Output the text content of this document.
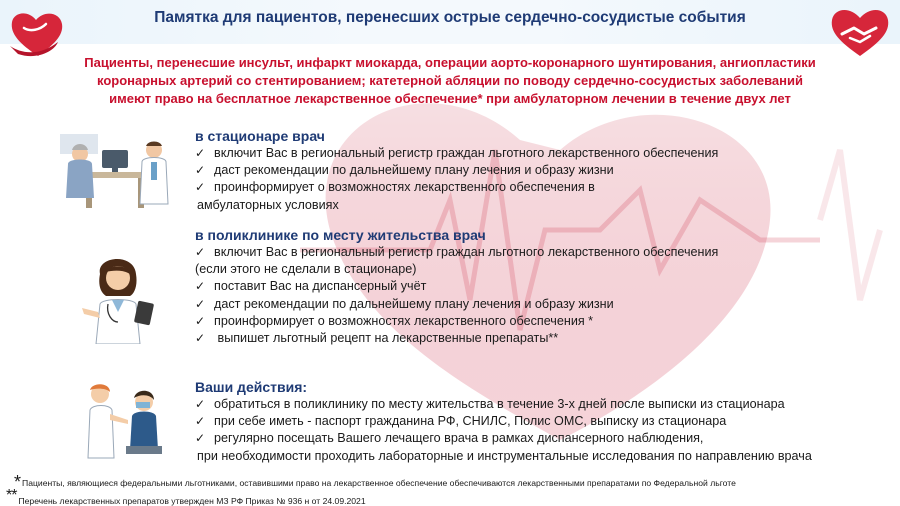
Памятка для пациентов, перенесших острые сердечно-сосудистые события

Пациенты, перенесшие инсульт, инфаркт миокарда, операции аорто-коронарного шунтирования, ангиопластики
коронарных артерий со стентированием; катетерной абляции по поводу сердечно-сосудистых заболеваний
имеют право на бесплатное лекарственное обеспечение* при амбулаторном лечении в течение двух лет

в стационаре врач
✓ включит Вас в региональный регистр граждан льготного лекарственного обеспечения
✓ даст рекомендации по дальнейшему плану лечения и образу жизни
✓ проинформирует о возможностях лекарственного обеспечения в
амбулаторных условиях
в поликлинике по месту жительства врач
✓ включит Вас в региональный регистр граждан льготного лекарственного обеспечения
(если этого не сделали в стационаре)
✓ поставит Вас на диспансерный учёт
✓ даст рекомендации по дальнейшему плану лечения и образу жизни
✓ проинформирует о возможностях лекарственного обеспечения *
✓ выпишет льготный рецепт на лекарственные препараты**
Ваши действия:
✓ обратиться в поликлинику по месту жительства в течение 3-х дней после выписки из стационара
✓ при себе иметь - паспорт гражданина РФ, СНИЛС, Полис ОМС, выписку из стационара
✓ регулярно посещать Вашего лечащего врача в рамках диспансерного наблюдения,
при необходимости проходить лабораторные и инструментальные исследования по направлению врача
*Пациенты, являющиеся федеральными льготниками, оставившими право на лекарственное обеспечение обеспечиваются лекарственными препаратами по Федеральной льготе
** Перечень лекарственных препаратов утвержден МЗ РФ Приказ № 936 н от 24.09.2021
